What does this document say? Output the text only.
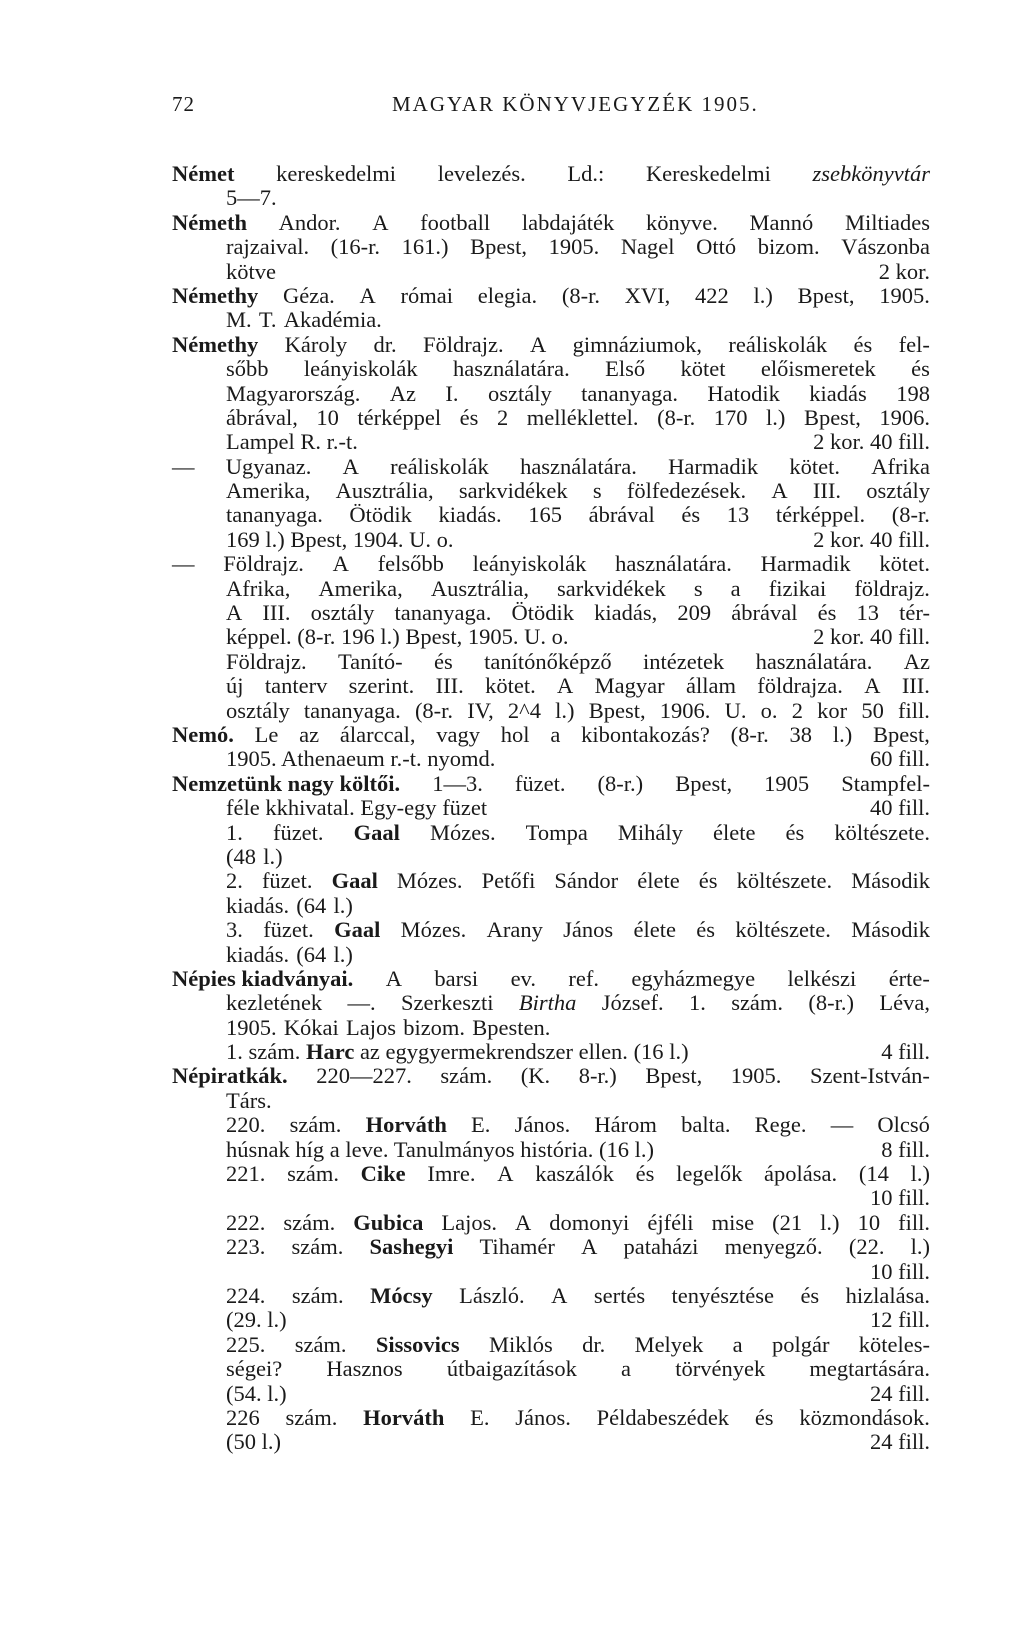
72	MAGYAR KÖNYVJEGYZÉK 1905.
Német kereskedelmi levelezés. Ld.: Kereskedelmi zsebkönyvtár
5—7.
Németh Andor. A football labdajáték könyve. Mannó Miltiades
rajzaival. (16-r. 161.) Bpest, 1905. Nagel Ottó bizom. Vászonba
kötve	2 kor.
Némethy Géza. A római elegia. (8-r. XVI, 422 l.) Bpest, 1905.
M. T. Akadémia.
Némethy Károly dr. Földrajz. A gimnáziumok, reáliskolák és fel-
sőbb leányiskolák használatára. Első kötet előismeretek és
Magyarország. Az I. osztály tananyaga. Hatodik kiadás 198
ábrával, 10 térképpel és 2 melléklettel. (8-r. 170 l.) Bpest, 1906.
Lampel R. r.-t.	2 kor. 40 fill.
— Ugyanaz. A reáliskolák használatára. Harmadik kötet. Afrika
Amerika, Ausztrália, sarkvidékek s fölfedezések. A III. osztály
tananyaga. Ötödik kiadás. 165 ábrával és 13 térképpel. (8-r.
169 l.) Bpest, 1904. U. o.	2 kor. 40 fill.
— Földrajz. A felsőbb leányiskolák használatára. Harmadik kötet.
Afrika, Amerika, Ausztrália, sarkvidékek s a fizikai földrajz.
A III. osztály tananyaga. Ötödik kiadás, 209 ábrával és 13 tér-
képpel. (8-r. 196 l.) Bpest, 1905. U. o.	2 kor. 40 fill.
Földrajz. Tanító- és tanítónőképző intézetek használatára. Az
új tanterv szerint. III. kötet. A Magyar állam földrajza. A III.
osztály tananyaga. (8-r. IV, 2^4 l.) Bpest, 1906. U. o. 2 kor 50 fill.
Nemó. Le az álarccal, vagy hol a kibontakozás? (8-r. 38 l.) Bpest,
1905. Athenaeum r.-t. nyomd.	60 fill.
Nemzetünk nagy költői. 1—3. füzet. (8-r.) Bpest, 1905 Stampfel-
féle kkhivatal. Egy-egy füzet	40 fill.
1. füzet. Gaal Mózes. Tompa Mihály élete és költészete.
(48 l.)
2. füzet. Gaal Mózes. Petőfi Sándor élete és költészete. Második
kiadás. (64 l.)
3. füzet. Gaal Mózes. Arany János élete és költészete. Második
kiadás. (64 l.)
Népies kiadványai. A barsi ev. ref. egyházmegye lelkészi érte-
kezletének —. Szerkeszti Birtha József. 1. szám. (8-r.) Léva,
1905. Kókai Lajos bizom. Bpesten.
1. szám. Harc az egygyermekrendszer ellen. (16 l.)	4 fill.
Népiratkák. 220—227. szám. (K. 8-r.) Bpest, 1905. Szent-István-
Társ.
220. szám. Horváth E. János. Három balta. Rege. — Olcsó
húsnak híg a leve. Tanulmányos história. (16 l.)	8 fill.
221. szám. Cike Imre. A kaszálók és legelők ápolása. (14 l.)
10 fill.
222. szám. Gubica Lajos. A domonyi éjféli mise (21 l.) 10 fill.
223. szám. Sashegyi Tihamér A pataházi menyegző. (22. l.)
10 fill.
224. szám. Mócsy László. A sertés tenyésztése és hizlalása.
(29. l.)	12 fill.
225. szám. Sissovics Miklós dr. Melyek a polgár köteles-
ségei? Hasznos útbaigazítások a törvények megtartására.
(54. l.)	24 fill.
226 szám. Horváth E. János. Példabeszédek és közmondások.
(50 l.)	24 fill.
